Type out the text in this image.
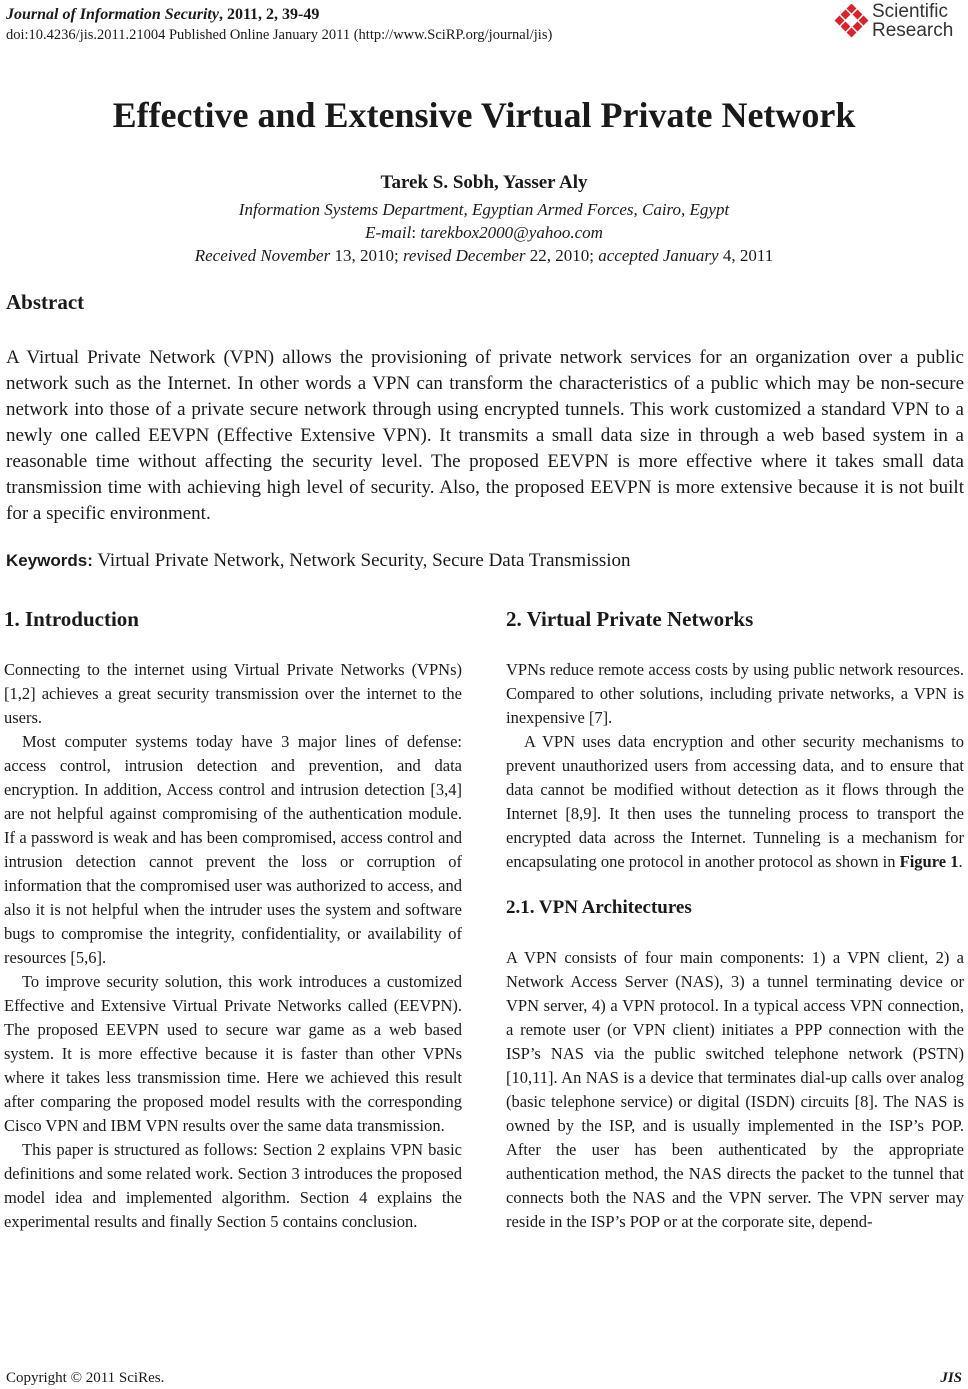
Journal of Information Security, 2011, 2, 39-49
doi:10.4236/jis.2011.21004 Published Online January 2011 (http://www.SciRP.org/journal/jis)
Scientific
Research
Effective and Extensive Virtual Private Network
Tarek S. Sobh, Yasser Aly
Information Systems Department, Egyptian Armed Forces, Cairo, Egypt
E-mail: tarekbox2000@yahoo.com
Received November 13, 2010; revised December 22, 2010; accepted January 4, 2011
Abstract
A Virtual Private Network (VPN) allows the provisioning of private network services for an organization over a public network such as the Internet. In other words a VPN can transform the characteristics of a public which may be non-secure network into those of a private secure network through using encrypted tunnels. This work customized a standard VPN to a newly one called EEVPN (Effective Extensive VPN). It transmits a small data size in through a web based system in a reasonable time without affecting the security level. The proposed EEVPN is more effective where it takes small data transmission time with achieving high level of security. Also, the proposed EEVPN is more extensive because it is not built for a specific environment.
Keywords: Virtual Private Network, Network Security, Secure Data Transmission
1. Introduction

Connecting to the internet using Virtual Private Networks (VPNs) [1,2] achieves a great security transmission over the internet to the users.

Most computer systems today have 3 major lines of defense: access control, intrusion detection and prevention, and data encryption. In addition, Access control and intrusion detection [3,4] are not helpful against compromising of the authentication module. If a password is weak and has been compromised, access control and intrusion detection cannot prevent the loss or corruption of information that the compromised user was authorized to access, and also it is not helpful when the intruder uses the system and software bugs to compromise the integrity, confidentiality, or availability of resources [5,6].

To improve security solution, this work introduces a customized Effective and Extensive Virtual Private Networks called (EEVPN). The proposed EEVPN used to secure war game as a web based system. It is more effective because it is faster than other VPNs where it takes less transmission time. Here we achieved this result after comparing the proposed model results with the corresponding Cisco VPN and IBM VPN results over the same data transmission.

This paper is structured as follows: Section 2 explains VPN basic definitions and some related work. Section 3 introduces the proposed model idea and implemented algorithm. Section 4 explains the experimental results and finally Section 5 contains conclusion.

2. Virtual Private Networks

VPNs reduce remote access costs by using public network resources. Compared to other solutions, including private networks, a VPN is inexpensive [7].

A VPN uses data encryption and other security mechanisms to prevent unauthorized users from accessing data, and to ensure that data cannot be modified without detection as it flows through the Internet [8,9]. It then uses the tunneling process to transport the encrypted data across the Internet. Tunneling is a mechanism for encapsulating one protocol in another protocol as shown in Figure 1.

2.1. VPN Architectures

A VPN consists of four main components: 1) a VPN client, 2) a Network Access Server (NAS), 3) a tunnel terminating device or VPN server, 4) a VPN protocol. In a typical access VPN connection, a remote user (or VPN client) initiates a PPP connection with the ISP’s NAS via the public switched telephone network (PSTN) [10,11]. An NAS is a device that terminates dial-up calls over analog (basic telephone service) or digital (ISDN) circuits [8]. The NAS is owned by the ISP, and is usually implemented in the ISP’s POP. After the user has been authenticated by the appropriate authentication method, the NAS directs the packet to the tunnel that connects both the NAS and the VPN server. The VPN server may reside in the ISP’s POP or at the corporate site, depend-

Copyright © 2011 SciRes.	JIS
